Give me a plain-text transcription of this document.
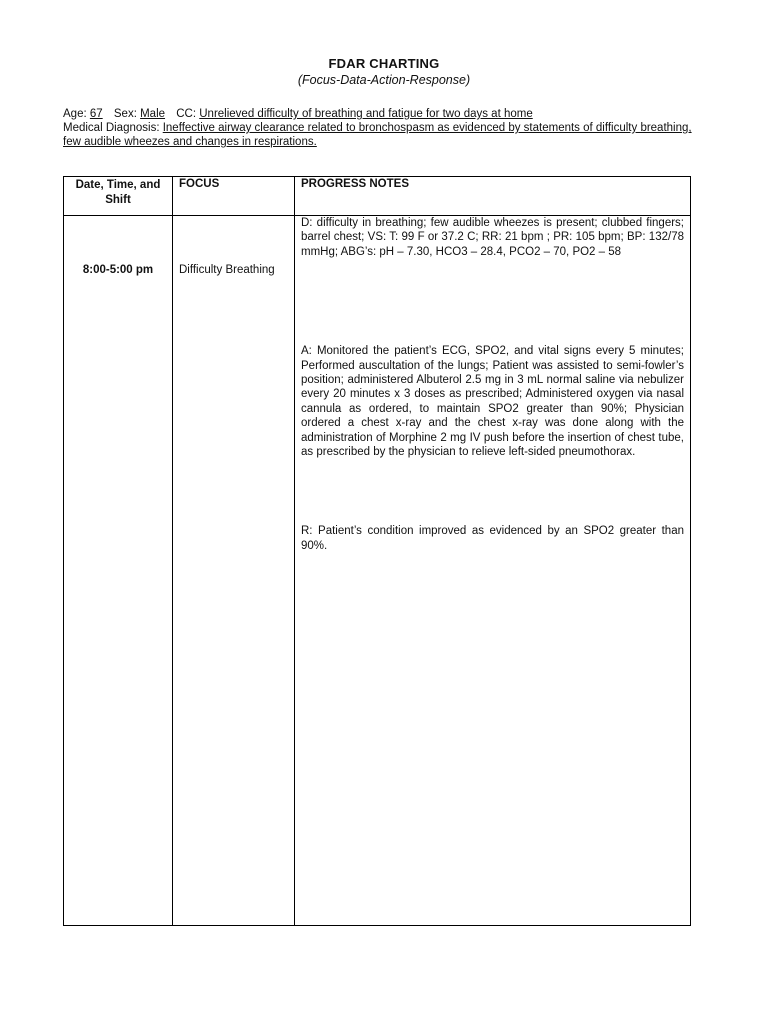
FDAR CHARTING
(Focus-Data-Action-Response)
Age: 67 Sex: Male CC: Unrelieved difficulty of breathing and fatigue for two days at home
Medical Diagnosis: Ineffective airway clearance related to bronchospasm as evidenced by statements of difficulty breathing, few audible wheezes and changes in respirations.
Date, Time, and Shift	FOCUS	PROGRESS NOTES

8:00-5:00 pm	Difficulty Breathing	D: difficulty in breathing; few audible wheezes is present; clubbed fingers; barrel chest; VS: T: 99 F or 37.2 C; RR: 21 bpm ; PR: 105 bpm; BP: 132/78 mmHg; ABG’s: pH – 7.30, HCO3 – 28.4, PCO2 – 70, PO2 – 58

A: Monitored the patient’s ECG, SPO2, and vital signs every 5 minutes; Performed auscultation of the lungs; Patient was assisted to semi-fowler’s position; administered Albuterol 2.5 mg in 3 mL normal saline via nebulizer every 20 minutes x 3 doses as prescribed; Administered oxygen via nasal cannula as ordered, to maintain SPO2 greater than 90%; Physician ordered a chest x-ray and the chest x-ray was done along with the administration of Morphine 2 mg IV push before the insertion of chest tube, as prescribed by the physician to relieve left-sided pneumothorax.

R: Patient’s condition improved as evidenced by an SPO2 greater than 90%.
